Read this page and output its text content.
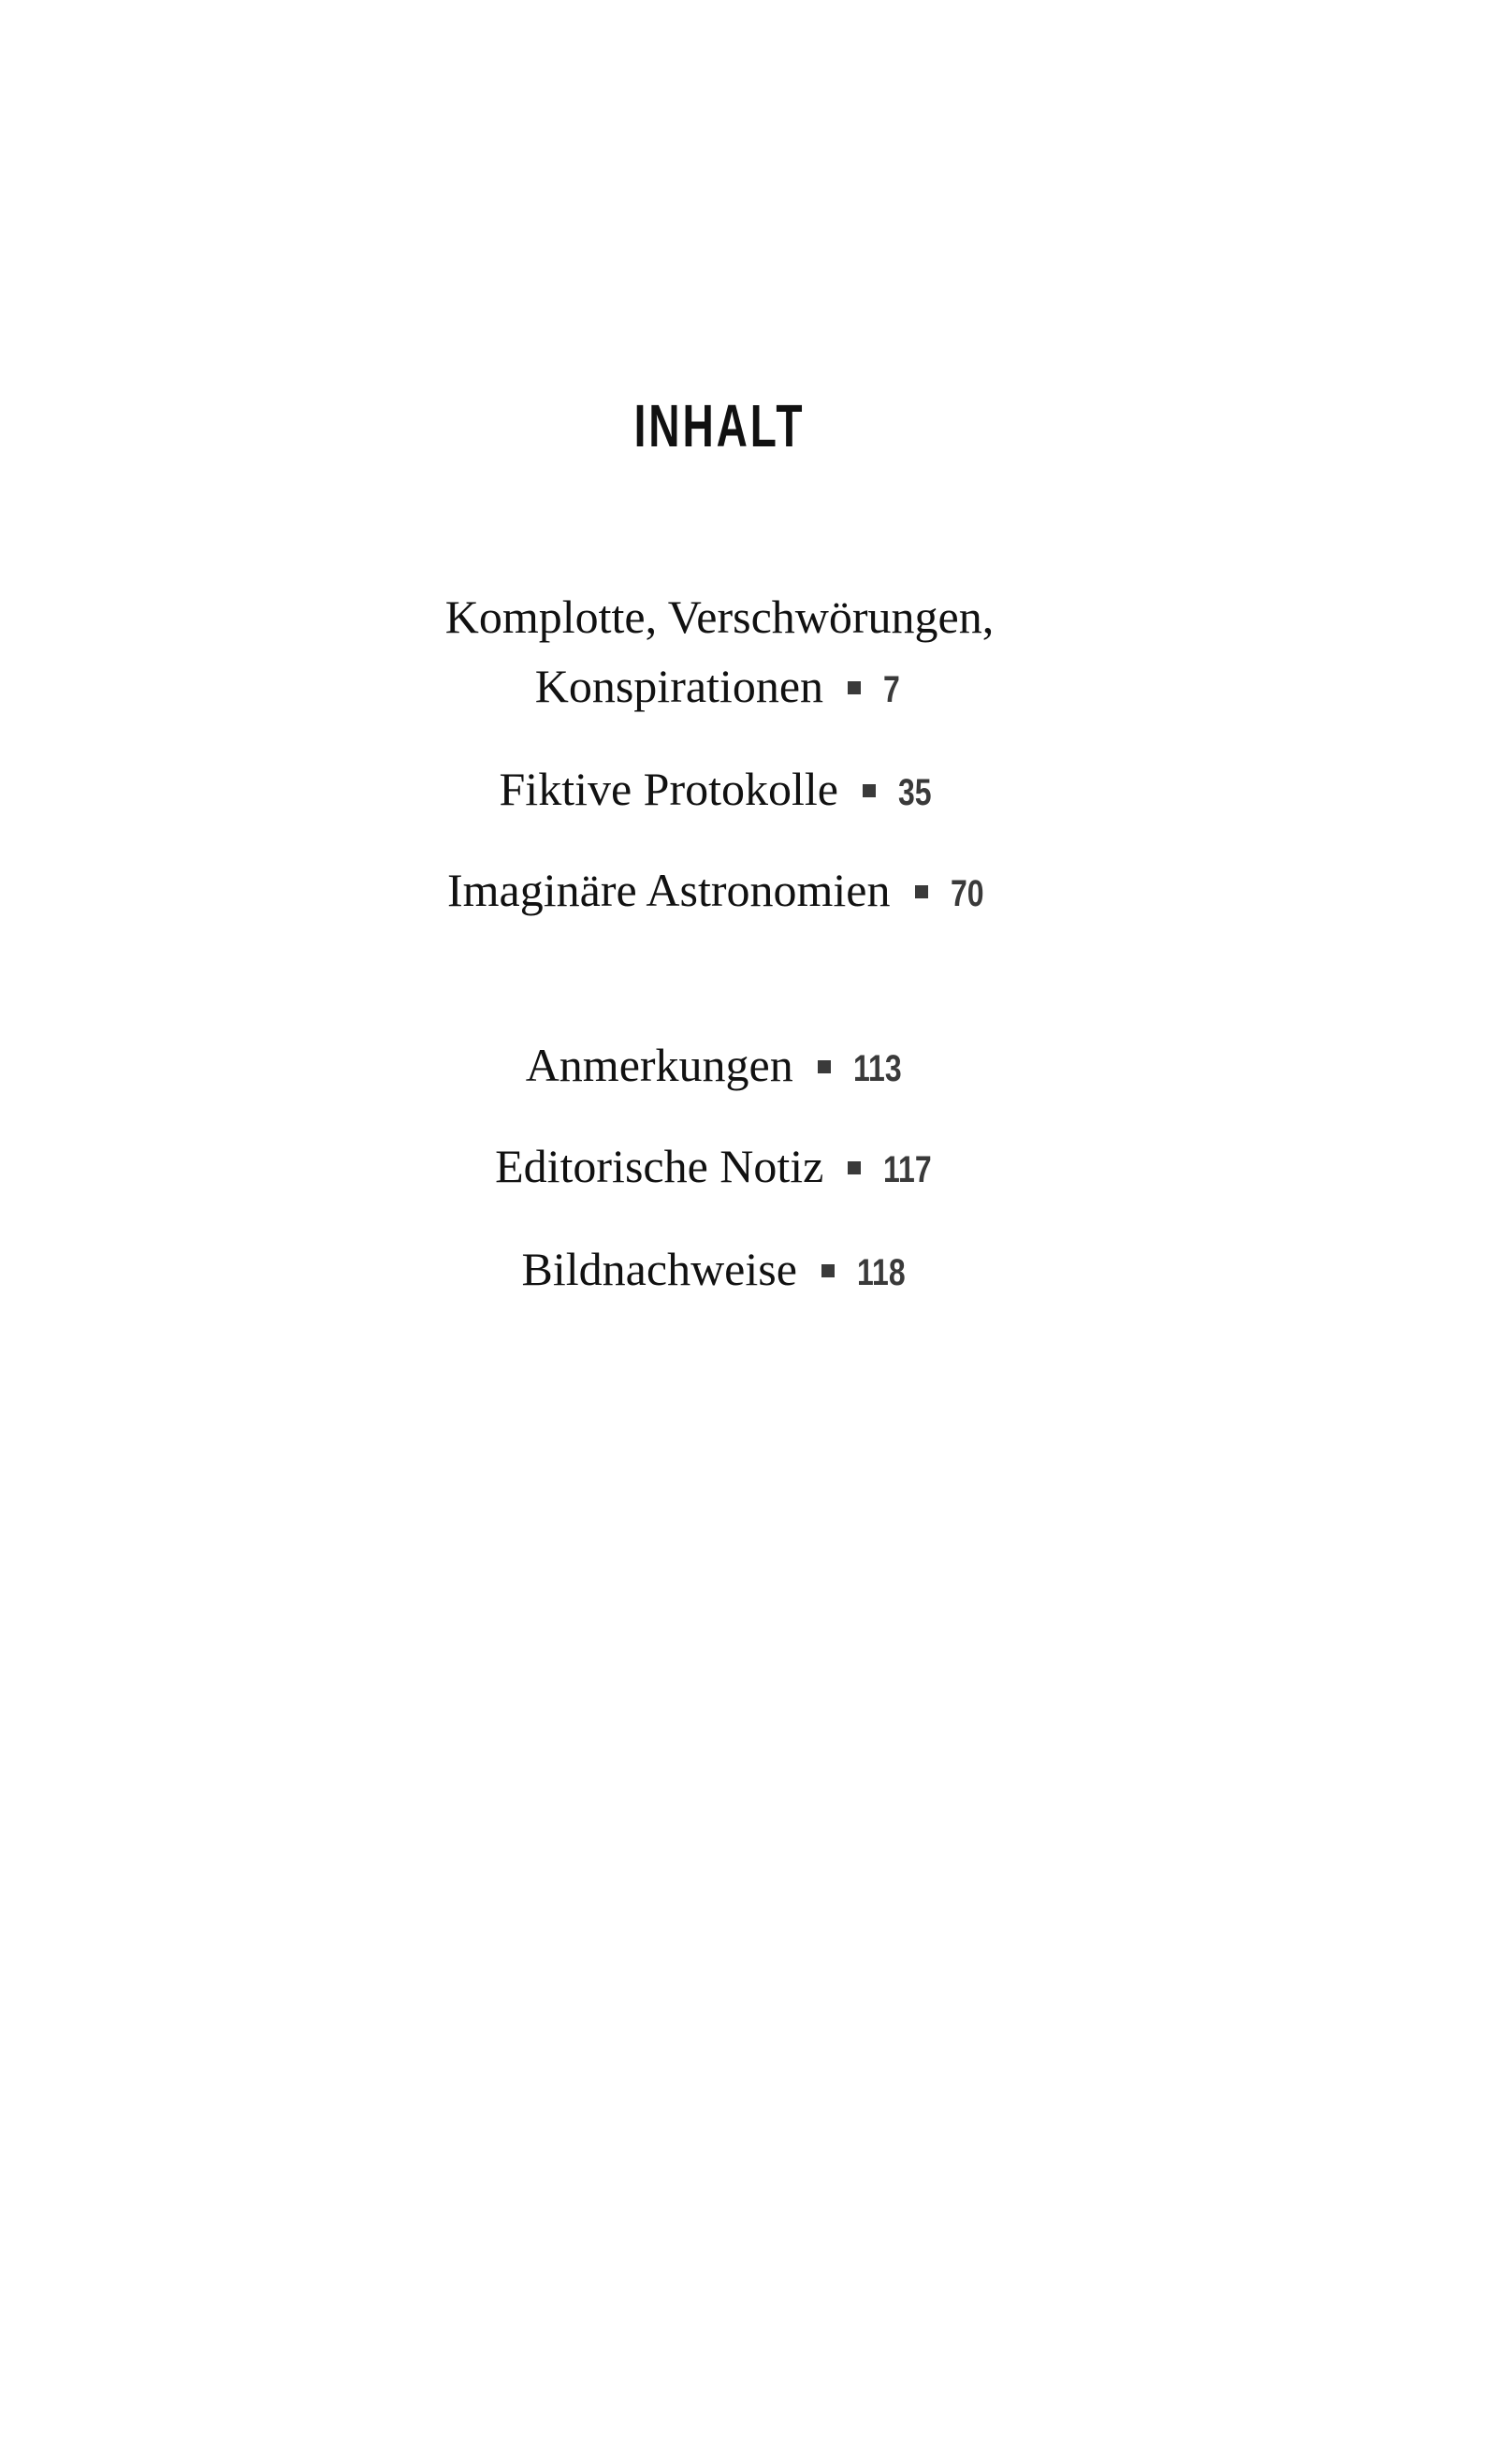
INHALT
Komplotte, Verschwörungen,
Konspirationen 7
Fiktive Protokolle 35
Imaginäre Astronomien 70
Anmerkungen 113
Editorische Notiz 117
Bildnachweise 118
